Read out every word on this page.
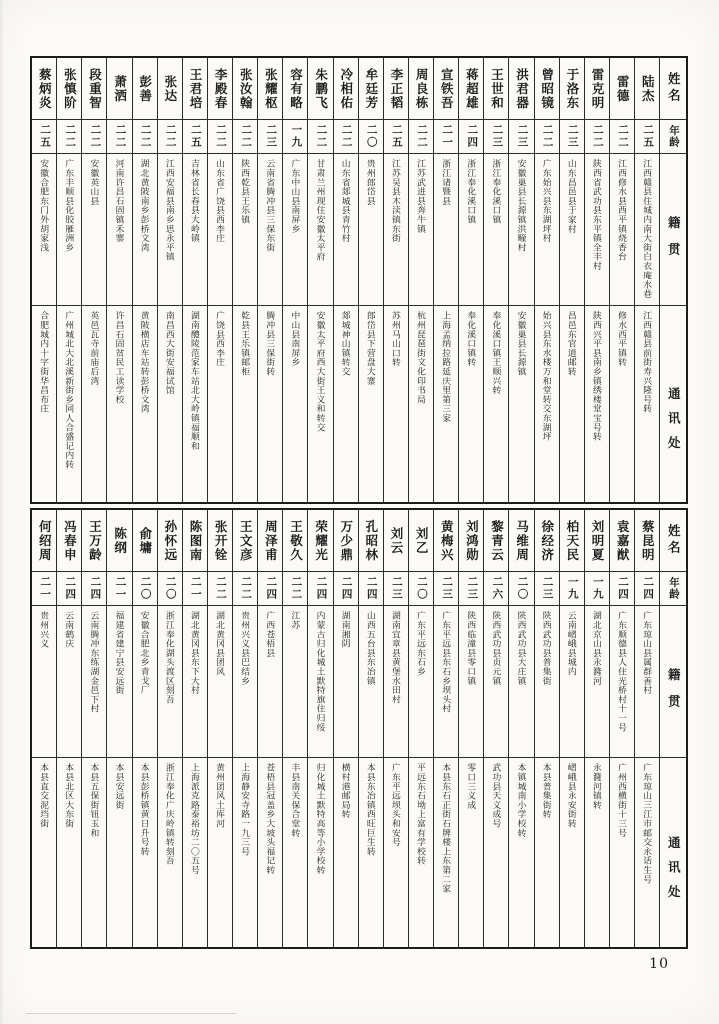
蔡炳炎
二五
安徽合肥东门外胡家浅
合肥城内十字街华昌布庄
张慎阶
二二
广东丰顺县化胶雁洲乡
广州城北大北溪新街乡同人合盛记内转
段重智
二二
安徽英山县
英邑瓦寺前庙后湾
萧洒
二二
河南许昌石固镇禾寨
许昌石固贫民工读学校
彭善
二二
湖北黄陂南乡彭桥文湾
黄陂横店车站转彭桥文湾
张达
二二
江西安福县南乡思永平镇
南昌西大街安福试馆
王君培
二五
吉林省长春县大岭镇
湖南醴陵范家车站北大岭镇福顺和
李殿春
二二
山东省广饶县西李庄
广饶县西李庄
张汝翰
二二
陕西乾县王乐镇
乾县王乐镇邮柜
张耀枢
二三
云南省腾冲县三保东街
腾冲县三保街转
容有略
一九
广东中山县南屏乡
中山县南屏乡
朱鹏飞
二二
甘肃兰州现住安徽太平府
安徽太平府西大街王义和转交
冷相佑
二二
山东省郯城县青竹村
郯城神山镇转交
牟廷芳
二〇
贵州郎岱县
郎岱县下营盘大寨
李正韬
二五
江苏吴县木渎镇东街
苏州马山口转
周良栋
二二
江苏武进县奔牛镇
杭州琵琶街文化印书局
宣铁吾
二一
浙江诸暨县
上海孟纳拉路延庆里第三家
蒋超雄
二四
浙江奉化溪口镇
奉化溪口镇转
王世和
二三
浙江奉化溪口镇
奉化溪口镇王顺兴转
洪君器
二三
安徽巢县长源镇洪疃村
安徽巢县长源镇
曾昭镜
二二
广东始兴县东湖坪村
始兴县东水楼万和堂转交东湖坪
于洛东
二三
山东昌邑县于家村
昌邑东官道邮转
雷克明
二二
陕西省武功县东平镇全丰村
陕西兴平县南乡镇绣楼堂宝号转
雷德
二二
江西修水县西平镇烧香台
修水西平镇转
陆杰
二五
江西赣县住城内南大街白衣庵水巷
江西赣县前街寿兴隆号转
姓名
年龄
籍贯
通讯处
何绍周
二一
贵州兴义
本县直交泥垱街
冯春申
二四
云南鹤庆
本县北区大东街
王万龄
二四
云南腾冲东练湖金邑下村
本县五保街钮玉和
陈纲
二一
福建省建宁县安远街
本县安远街
俞墉
二〇
安徽合肥北乡青戈厂
本县彭桥镇黄日升号转
孙怀远
二〇
浙江奉化湖头渡区刻吾
浙江奉化广庆岭镇转刻吾
陈图南
二一
湖北黄冈县东下大村
上海派克路泰裕坊二〇五号
张开铨
二二
湖北黄冈县团风
黄州团风土库河
王文彦
二二
贵州兴义县巴结乡
上海静安寺路一九三号
周泽甫
二四
广西苍梧县
苍梧县冠盖乡大坡头福记转
王敬久
二二
江苏
丰县南关保合堂转
荣耀光
二四
内蒙古归化城土默特旗住归绥
归化城土默特高等小学校转
万少鼎
二四
湖南湘阴
横村港邮局转
孔昭林
二四
山西五台县东冶镇
本县东冶镇西旺巨生转
刘云
二三
湖南宜章县黄堡水田村
广东平远坝头和安号
刘乙
二〇
广东平远东石乡
平远东石坳上富有学校转
黄梅兴
二三
广东平远县东石乡坝头村
本县东石正街石牌楼上东第二家
刘鸿勋
二三
陕西临潼县零口镇
零口三义成
黎青云
二六
陕西武功县贞元镇
武功县天义成号
马维周
二〇
陕西武功县大庄镇
本镇城南小学校转
徐经济
二三
陕西武功县普集街
本县普集街转
柏天民
一九
云南嶍峨县城内
嶍峨县永安街转
刘明夏
一九
湖北京山县永漋河
永漋河镇转
袁嘉猷
二四
广东顺德县人住光桥村十一号
广州西横街十三号
蔡昆明
二四
广东琼山县属群善村
广东琼山三江市邮交永话生号
姓名
年龄
籍贯
通讯处
10
